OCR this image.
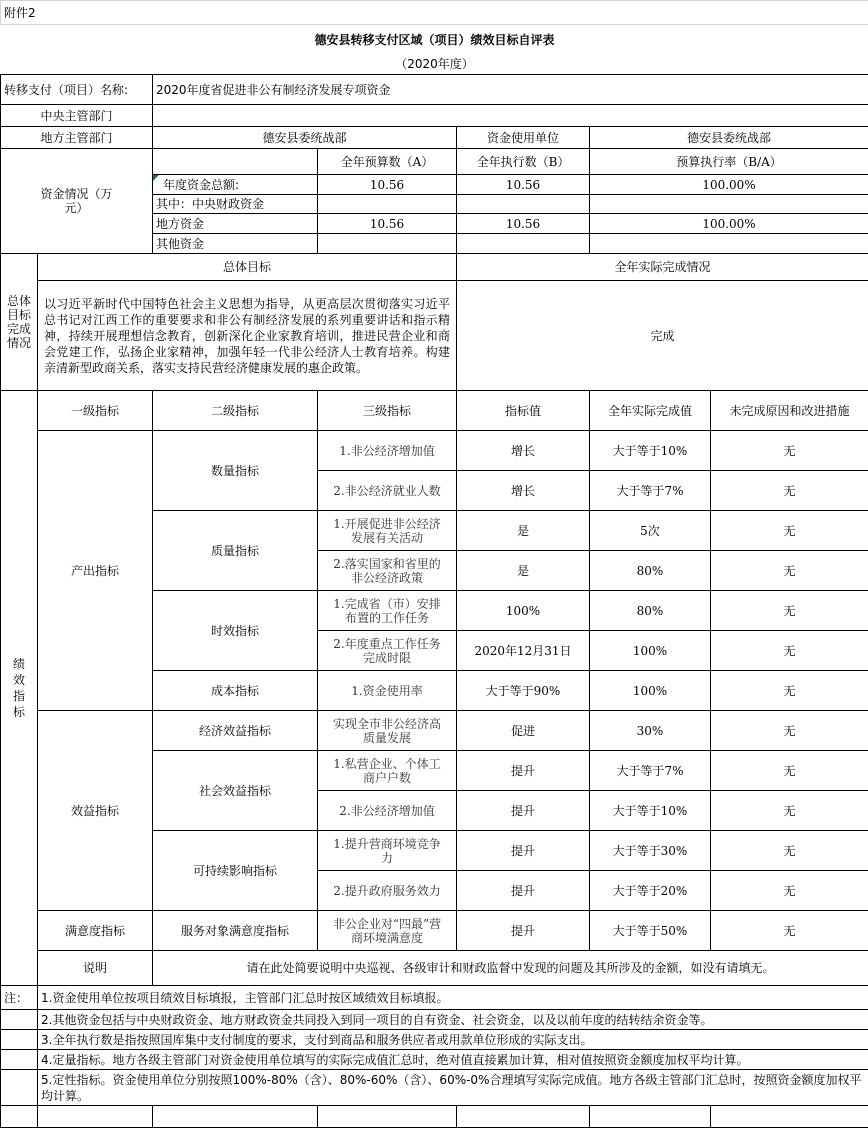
附件2						
德安县转移支付区域（项目）绩效目标自评表						
（2020年度）						
转移支付（项目）名称:		2020年度省促进非公有制经济发展专项资金				
中央主管部门						
地方主管部门		德安县委统战部		资金使用单位	德安县委统战部	
资金情况（万元）			全年预算数（A）	全年执行数（B）	预算执行率（B/A）	
		年度资金总额:	10.56	10.56	100.00%	
		其中：中央财政资金				
		地方资金	10.56	10.56	100.00%	
		其他资金				
总体目标完成情况	总体目标			全年实际完成情况		
	以习近平新时代中国特色社会主义思想为指导，从更高层次贯彻落实习近平总书记对江西工作的重要要求和非公有制经济发展的系列重要讲话和指示精神，持续开展理想信念教育，创新深化企业家教育培训，推进民营企业和商会党建工作，弘扬企业家精神，加强年轻一代非公经济人士教育培养。构建亲清新型政商关系，落实支持民营经济健康发展的惠企政策。			完成		
绩效指标	一级指标	二级指标	三级指标	指标值	全年实际完成值	未完成原因和改进措施
	产出指标	数量指标	1.非公经济增加值	增长	大于等于10%	无
			2.非公经济就业人数	增长	大于等于7%	无
		质量指标	1.开展促进非公经济发展有关活动	是	5次	无
			2.落实国家和省里的非公经济政策	是	80%	无
		时效指标	1.完成省（市）安排布置的工作任务	100%	80%	无
			2.年度重点工作任务完成时限	2020年12月31日	100%	无
		成本指标	1.资金使用率	大于等于90%	100%	无
	效益指标	经济效益指标	实现全市非公经济高质量发展	促进	30%	无
		社会效益指标	1.私营企业、个体工商户户数	提升	大于等于7%	无
			2.非公经济增加值	提升	大于等于10%	无
		可持续影响指标	1.提升营商环境竞争力	提升	大于等于30%	无
			2.提升政府服务效力	提升	大于等于20%	无
	满意度指标	服务对象满意度指标	非公企业对“四最”营商环境满意度	提升	大于等于50%	无
	说明	请在此处简要说明中央巡视、各级审计和财政监督中发现的问题及其所涉及的金额，如没有请填无。				
注：	1.资金使用单位按项目绩效目标填报，主管部门汇总时按区域绩效目标填报。					
	2.其他资金包括与中央财政资金、地方财政资金共同投入到同一项目的自有资金、社会资金，以及以前年度的结转结余资金等。					
	3.全年执行数是指按照国库集中支付制度的要求，支付到商品和服务供应者或用款单位形成的实际支出。					
	4.定量指标。地方各级主管部门对资金使用单位填写的实际完成值汇总时，绝对值直接累加计算，相对值按照资金额度加权平均计算。					
	5.定性指标。资金使用单位分别按照100%-80%（含）、80%-60%（含）、60%-0%合理填写实际完成值。地方各级主管部门汇总时，按照资金额度加权平均计算。					
